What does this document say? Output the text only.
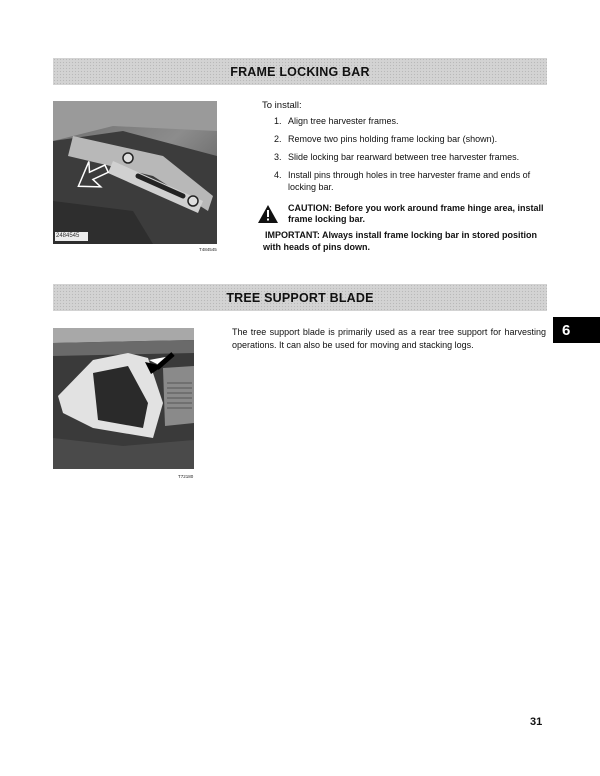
FRAME LOCKING BAR
2484545
T484545
To install:
1. Align tree harvester frames.
2. Remove two pins holding frame locking bar (shown).
3. Slide locking bar rearward between tree harvester frames.
4. Install pins through holes in tree harvester frame and ends of locking bar.
CAUTION: Before you work around frame hinge area, install frame locking bar.
IMPORTANT: Always install frame locking bar in stored position with heads of pins down.
TREE SUPPORT BLADE
T72180
The tree support blade is primarily used as a rear tree support for harvesting operations. It can also be used for moving and stacking logs.
6
31
